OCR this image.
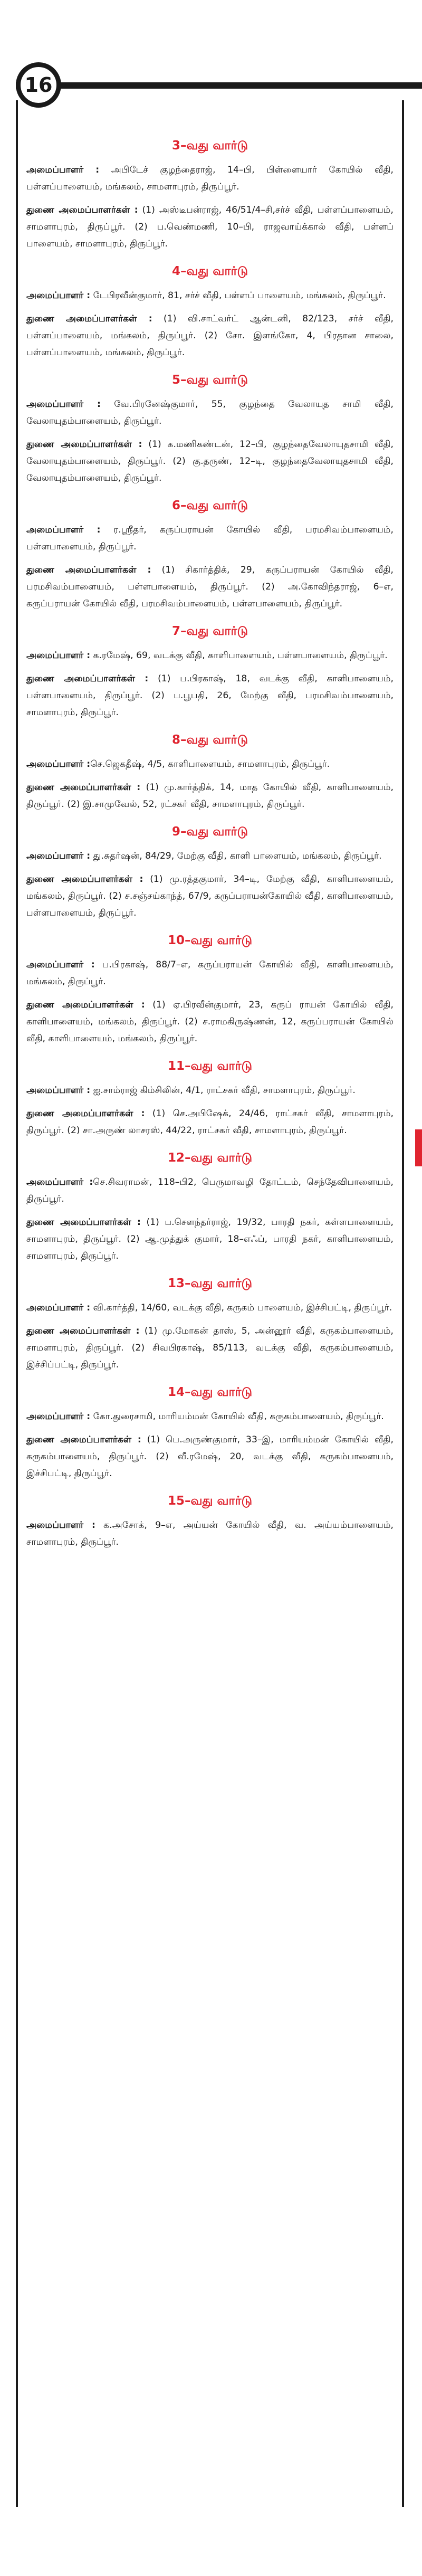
16
3–வது வார்டு

அமைப்பாளர் : அபிடேச் குழந்தைராஜ், 14–பி, பிள்ளையார் கோயில் வீதி, பள்ளப்பாளையம், மங்கலம், சாமளாபுரம், திருப்பூர்.

துணை அமைப்பாளர்கள் : (1) அஸ்டீபன்ராஜ், 46/51/4–சி,சர்ச் வீதி, பள்ளப்பாளையம், சாமளாபுரம், திருப்பூர். (2) ப.வெண்மணி, 10–பி, ராஜவாய்க்கால் வீதி, பள்ளப் பாளையம், சாமளாபுரம், திருப்பூர்.

4–வது வார்டு

அமைப்பாளர் : டேபிரவீன்குமார், 81, சர்ச் வீதி, பள்ளப் பாளையம், மங்கலம், திருப்பூர்.

துணை அமைப்பாளர்கள் : (1) வி.சாட்வர்ட் ஆன்டனி, 82/123, சர்ச் வீதி, பள்ளப்பாளையம், மங்கலம், திருப்பூர். (2) சோ. இளங்கோ, 4, பிரதான சாலை, பள்ளப்பாளையம், மங்கலம், திருப்பூர்.

5–வது வார்டு

அமைப்பாளர் : வே.பிரனேஷ்குமார், 55, குழந்தை வேலாயுத சாமி வீதி, வேலாயுதம்பாளையம், திருப்பூர்.

துணை அமைப்பாளர்கள் : (1) க.மணிகண்டன், 12–பி, குழந்தைவேலாயுதசாமி வீதி, வேலாயுதம்பாளையம், திருப்பூர். (2) கு.தருண், 12–டி, குழந்தைவேலாயுதசாமி வீதி, வேலாயுதம்பாளையம், திருப்பூர்.

6–வது வார்டு

அமைப்பாளர் : ர.ஸ்ரீதர், கருப்பராயன் கோயில் வீதி, பரமசிவம்பாளையம், பள்ளபாளையம், திருப்பூர்.

துணை அமைப்பாளர்கள் : (1) சிகார்த்திக், 29, கருப்பராயன் கோயில் வீதி, பரமசிவம்பாளையம், பள்ளபாளையம், திருப்பூர். (2) அ.கோவிந்தராஜ், 6–எ, கருப்பராயன் கோயில் வீதி, பரமசிவம்பாளையம், பள்ளபாளையம், திருப்பூர்.

7–வது வார்டு

அமைப்பாளர் : க.ரமேஷ், 69, வடக்கு வீதி, காளிபாளையம், பள்ளபாளையம், திருப்பூர்.

துணை அமைப்பாளர்கள் : (1) ப.பிரகாஷ், 18, வடக்கு வீதி, காளிபாளையம், பள்ளபாளையம், திருப்பூர். (2) ப.பூபதி, 26, மேற்கு வீதி, பரமசிவம்பாளையம், சாமளாபுரம், திருப்பூர்.

8–வது வார்டு

அமைப்பாளர் :செ.ஜெகதீஷ், 4/5, காளிபாளையம், சாமளாபுரம், திருப்பூர்.

துணை அமைப்பாளர்கள் : (1) மு.கார்த்திக், 14, மாத கோயில் வீதி, காளிபாளையம், திருப்பூர். (2) இ.சாமுவேல், 52, ரட்சகர் வீதி, சாமளாபுரம், திருப்பூர்.

9–வது வார்டு

அமைப்பாளர் : து.சுதர்ஷன், 84/29, மேற்கு வீதி, காளி பாளையம், மங்கலம், திருப்பூர்.

துணை அமைப்பாளர்கள் : (1) மு.ரத்தகுமார், 34–டி, மேற்கு வீதி, காளிபாளையம், மங்கலம், திருப்பூர். (2) ச.சஞ்சய்காந்த், 67/9, கருப்பராயன்கோயில் வீதி, காளிபாளையம், பள்ளபாளையம், திருப்பூர்.

10–வது வார்டு

அமைப்பாளர் : ப.பிரகாஷ், 88/7–எ, கருப்பராயன் கோயில் வீதி, காளிபாளையம், மங்கலம், திருப்பூர்.

துணை அமைப்பாளர்கள் : (1) ஏ.பிரவீன்குமார், 23, கருப் ராயன் கோயில் வீதி, காளிபாளையம், மங்கலம், திருப்பூர். (2) ச.ராமகிருஷ்ணன், 12, கருப்பராயன் கோயில் வீதி, காளிபாளையம், மங்கலம், திருப்பூர்.

11–வது வார்டு

அமைப்பாளர் : ஐ.சாம்ராஜ் கிம்சிலின், 4/1, ராட்சகர் வீதி, சாமளாபுரம், திருப்பூர்.

துணை அமைப்பாளர்கள் : (1) செ.அபிஷேக், 24/46, ராட்சகர் வீதி, சாமளாபுரம், திருப்பூர். (2) சா.அருண் லாசரஸ், 44/22, ராட்சகர் வீதி, சாமளாபுரம், திருப்பூர்.

12–வது வார்டு

அமைப்பாளர் :செ.சிவராமன், 118–பி2, பெருமாவழி தோட்டம், செந்தேவிபாளையம், திருப்பூர்.

துணை அமைப்பாளர்கள் : (1) ப.சௌந்தர்ராஜ், 19/32, பாரதி நகர், கள்ளபாளையம், சாமளாபுரம், திருப்பூர். (2) ஆ.முத்துக் குமார், 18–எஃப், பாரதி நகர், காளிபாளையம், சாமளாபுரம், திருப்பூர்.

13–வது வார்டு

அமைப்பாளர் : வி.கார்த்தி, 14/60, வடக்கு வீதி, கருகம் பாளையம், இச்சிபட்டி, திருப்பூர்.

துணை அமைப்பாளர்கள் : (1) மு.மோகன் தாஸ், 5, அன்னூர் வீதி, கருகம்பாளையம், சாமளாபுரம், திருப்பூர். (2) சிவபிரகாஷ், 85/113, வடக்கு வீதி, கருகம்பாளையம், இச்சிப்பட்டி, திருப்பூர்.

14–வது வார்டு

அமைப்பாளர் : கோ.துரைசாமி, மாரியம்மன் கோயில் வீதி, கருகம்பாளையம், திருப்பூர்.

துணை அமைப்பாளர்கள் : (1) பெ.அருண்குமார், 33–இ, மாரியம்மன் கோயில் வீதி, கருகம்பாளையம், திருப்பூர். (2) வீ.ரமேஷ், 20, வடக்கு வீதி, கருகம்பாளையம், இச்சிபட்டி, திருப்பூர்.

15–வது வார்டு

அமைப்பாளர் : க.அசோக், 9–எ, அய்யன் கோயில் வீதி, வ. அய்யம்பாளையம், சாமளாபுரம், திருப்பூர்.
